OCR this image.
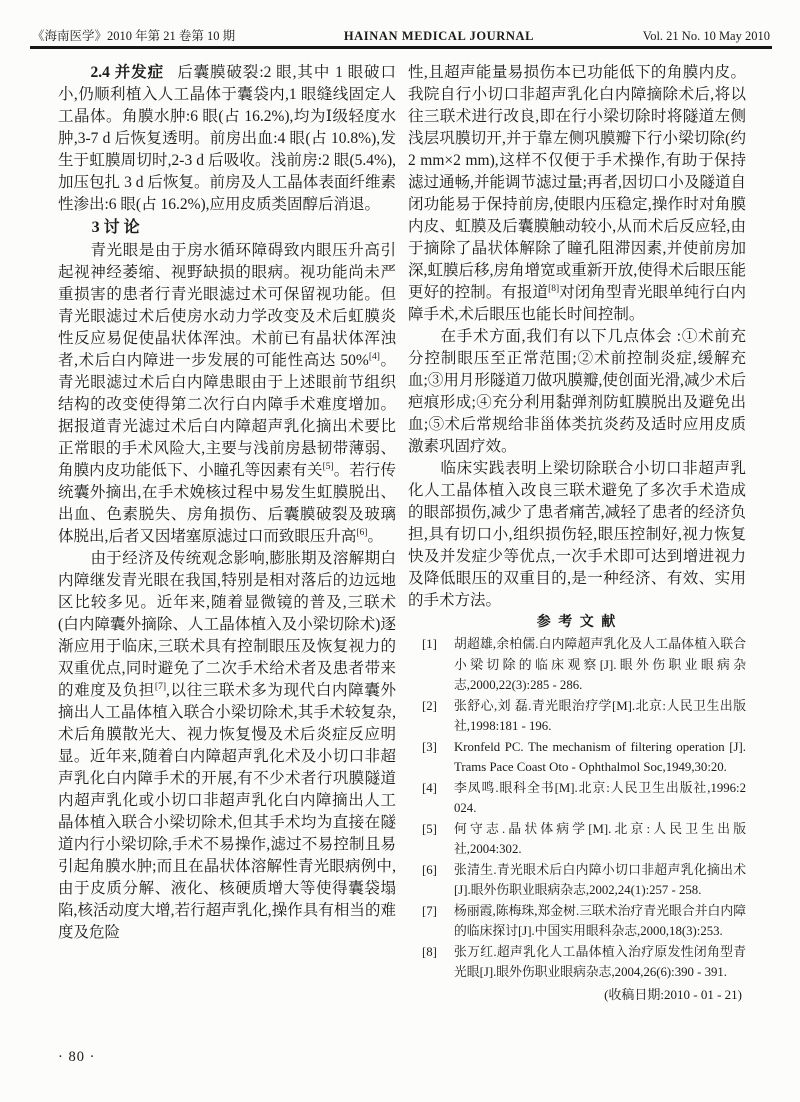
《海南医学》2010 年第 21 卷第 10 期	HAINAN MEDICAL JOURNAL	Vol. 21 No. 10 May 2010

2.4 并发症 后囊膜破裂:2 眼,其中 1 眼破口小,仍顺利植入人工晶体于囊袋内,1 眼缝线固定人工晶体。角膜水肿:6 眼(占 16.2%),均为Ⅰ级轻度水肿,3-7 d 后恢复透明。前房出血:4 眼(占 10.8%),发生于虹膜周切时,2-3 d 后吸收。浅前房:2 眼(5.4%),加压包扎 3 d 后恢复。前房及人工晶体表面纤维素性渗出:6 眼(占 16.2%),应用皮质类固醇后消退。

3 讨 论

青光眼是由于房水循环障碍致内眼压升高引起视神经萎缩、视野缺损的眼病。视功能尚未严重损害的患者行青光眼滤过术可保留视功能。但青光眼滤过术后使房水动力学改变及术后虹膜炎性反应易促使晶状体浑浊。术前已有晶状体浑浊者,术后白内障进一步发展的可能性高达 50%[4]。青光眼滤过术后白内障患眼由于上述眼前节组织结构的改变使得第二次行白内障手术难度增加。据报道青光滤过术后白内障超声乳化摘出术要比正常眼的手术风险大,主要与浅前房悬韧带薄弱、角膜内皮功能低下、小瞳孔等因素有关[5]。若行传统囊外摘出,在手术娩核过程中易发生虹膜脱出、出血、色素脱失、房角损伤、后囊膜破裂及玻璃体脱出,后者又因堵塞原滤过口而致眼压升高[6]。

由于经济及传统观念影响,膨胀期及溶解期白内障继发青光眼在我国,特别是相对落后的边远地区比较多见。近年来,随着显微镜的普及,三联术(白内障囊外摘除、人工晶体植入及小梁切除术)逐渐应用于临床,三联术具有控制眼压及恢复视力的双重优点,同时避免了二次手术给术者及患者带来的难度及负担[7],以往三联术多为现代白内障囊外摘出人工晶体植入联合小梁切除术,其手术较复杂,术后角膜散光大、视力恢复慢及术后炎症反应明显。近年来,随着白内障超声乳化术及小切口非超声乳化白内障手术的开展,有不少术者行巩膜隧道内超声乳化或小切口非超声乳化白内障摘出人工晶体植入联合小梁切除术,但其手术均为直接在隧道内行小梁切除,手术不易操作,滤过不易控制且易引起角膜水肿;而且在晶状体溶解性青光眼病例中,由于皮质分解、液化、核硬质增大等使得囊袋塌陷,核活动度大增,若行超声乳化,操作具有相当的难度及危险

性,且超声能量易损伤本已功能低下的角膜内皮。我院自行小切口非超声乳化白内障摘除术后,将以往三联术进行改良,即在行小梁切除时将隧道左侧浅层巩膜切开,并于靠左侧巩膜瓣下行小梁切除(约 2 mm×2 mm),这样不仅便于手术操作,有助于保持滤过通畅,并能调节滤过量;再者,因切口小及隧道自闭功能易于保持前房,使眼内压稳定,操作时对角膜内皮、虹膜及后囊膜触动较小,从而术后反应轻,由于摘除了晶状体解除了瞳孔阻滞因素,并使前房加深,虹膜后移,房角增宽或重新开放,使得术后眼压能更好的控制。有报道[8]对闭角型青光眼单纯行白内障手术,术后眼压也能长时间控制。

在手术方面,我们有以下几点体会 :①术前充分控制眼压至正常范围;②术前控制炎症,缓解充血;③用月形隧道刀做巩膜瓣,使创面光滑,减少术后疤痕形成;④充分利用黏弹剂防虹膜脱出及避免出血;⑤术后常规给非甾体类抗炎药及适时应用皮质激素巩固疗效。

临床实践表明上梁切除联合小切口非超声乳化人工晶体植入改良三联术避免了多次手术造成的眼部损伤,减少了患者痛苦,减轻了患者的经济负担,具有切口小,组织损伤轻,眼压控制好,视力恢复快及并发症少等优点,一次手术即可达到增进视力及降低眼压的双重目的,是一种经济、有效、实用的手术方法。

参 考 文 献

[1]	胡超雄,余柏儒.白内障超声乳化及人工晶体植入联合小梁切除的临床观察[J].眼外伤职业眼病杂志,2000,22(3):285 - 286.
[2]	张舒心,刘 磊.青光眼治疗学[M].北京:人民卫生出版社,1998:181 - 196.
[3]	Kronfeld PC. The mechanism of filtering operation [J]. Trams Pace Coast Oto - Ophthalmol Soc,1949,30:20.
[4]	李凤鸣.眼科全书[M].北京:人民卫生出版社,1996:2 024.
[5]	何守志.晶状体病学[M].北京:人民卫生出版社,2004:302.
[6]	张清生.青光眼术后白内障小切口非超声乳化摘出术[J].眼外伤职业眼病杂志,2002,24(1):257 - 258.
[7]	杨丽霞,陈梅珠,郑金树.三联术治疗青光眼合并白内障的临床探讨[J].中国实用眼科杂志,2000,18(3):253.
[8]	张万红.超声乳化人工晶体植入治疗原发性闭角型青光眼[J].眼外伤职业眼病杂志,2004,26(6):390 - 391.
(收稿日期:2010 - 01 - 21)
· 80 ·
